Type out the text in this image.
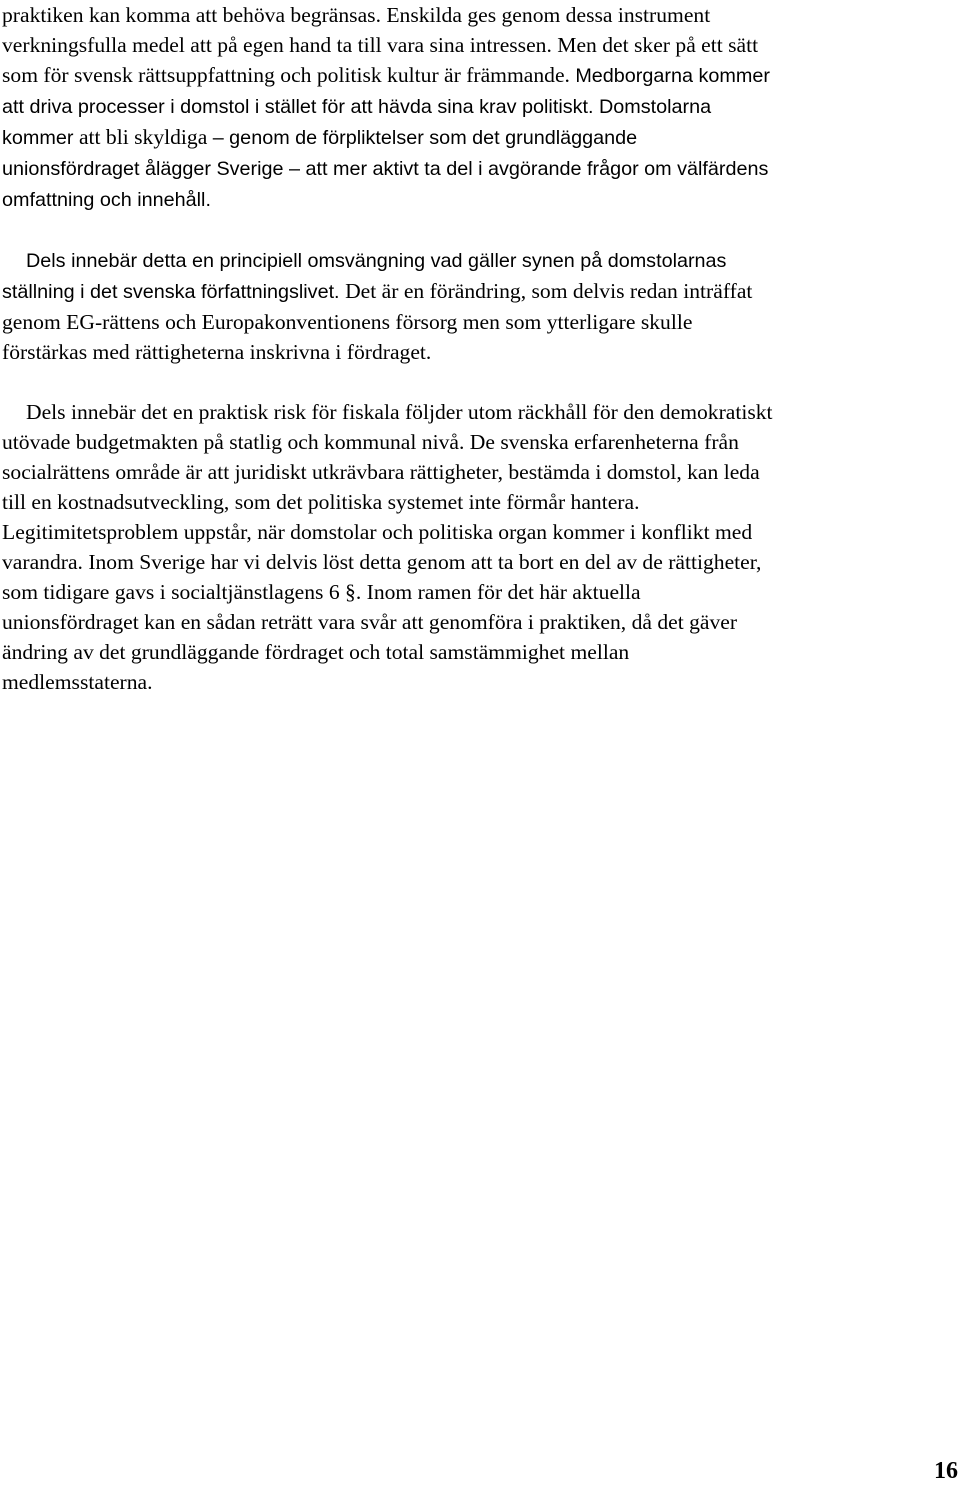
praktiken kan komma att behöva begränsas. Enskilda ges genom dessa instrument
verkningsfulla medel att på egen hand ta till vara sina intressen. Men det sker på ett sätt
som för svensk rättsuppfattning och politisk kultur är främmande. Medborgarna kommer
att driva processer i domstol i stället för att hävda sina krav politiskt. Domstolarna
kommer att bli skyldiga – genom de förpliktelser som det grundläggande
unionsfördraget ålägger Sverige – att mer aktivt ta del i avgörande frågor om välfärdens
omfattning och innehåll.

Dels innebär detta en principiell omsvängning vad gäller synen på domstolarnas
ställning i det svenska författningslivet. Det är en förändring, som delvis redan inträffat
genom EG-rättens och Europakonventionens försorg men som ytterligare skulle
förstärkas med rättigheterna inskrivna i fördraget.

Dels innebär det en praktisk risk för fiskala följder utom räckhåll för den demokratiskt
utövade budgetmakten på statlig och kommunal nivå. De svenska erfarenheterna från
socialrättens område är att juridiskt utkrävbara rättigheter, bestämda i domstol, kan leda
till en kostnadsutveckling, som det politiska systemet inte förmår hantera.
Legitimitetsproblem uppstår, när domstolar och politiska organ kommer i konflikt med
varandra. Inom Sverige har vi delvis löst detta genom att ta bort en del av de rättigheter,
som tidigare gavs i socialtjänstlagens 6 §. Inom ramen för det här aktuella
unionsfördraget kan en sådan reträtt vara svår att genomföra i praktiken, då det gäver
ändring av det grundläggande fördraget och total samstämmighet mellan
medlemsstaterna.

16
